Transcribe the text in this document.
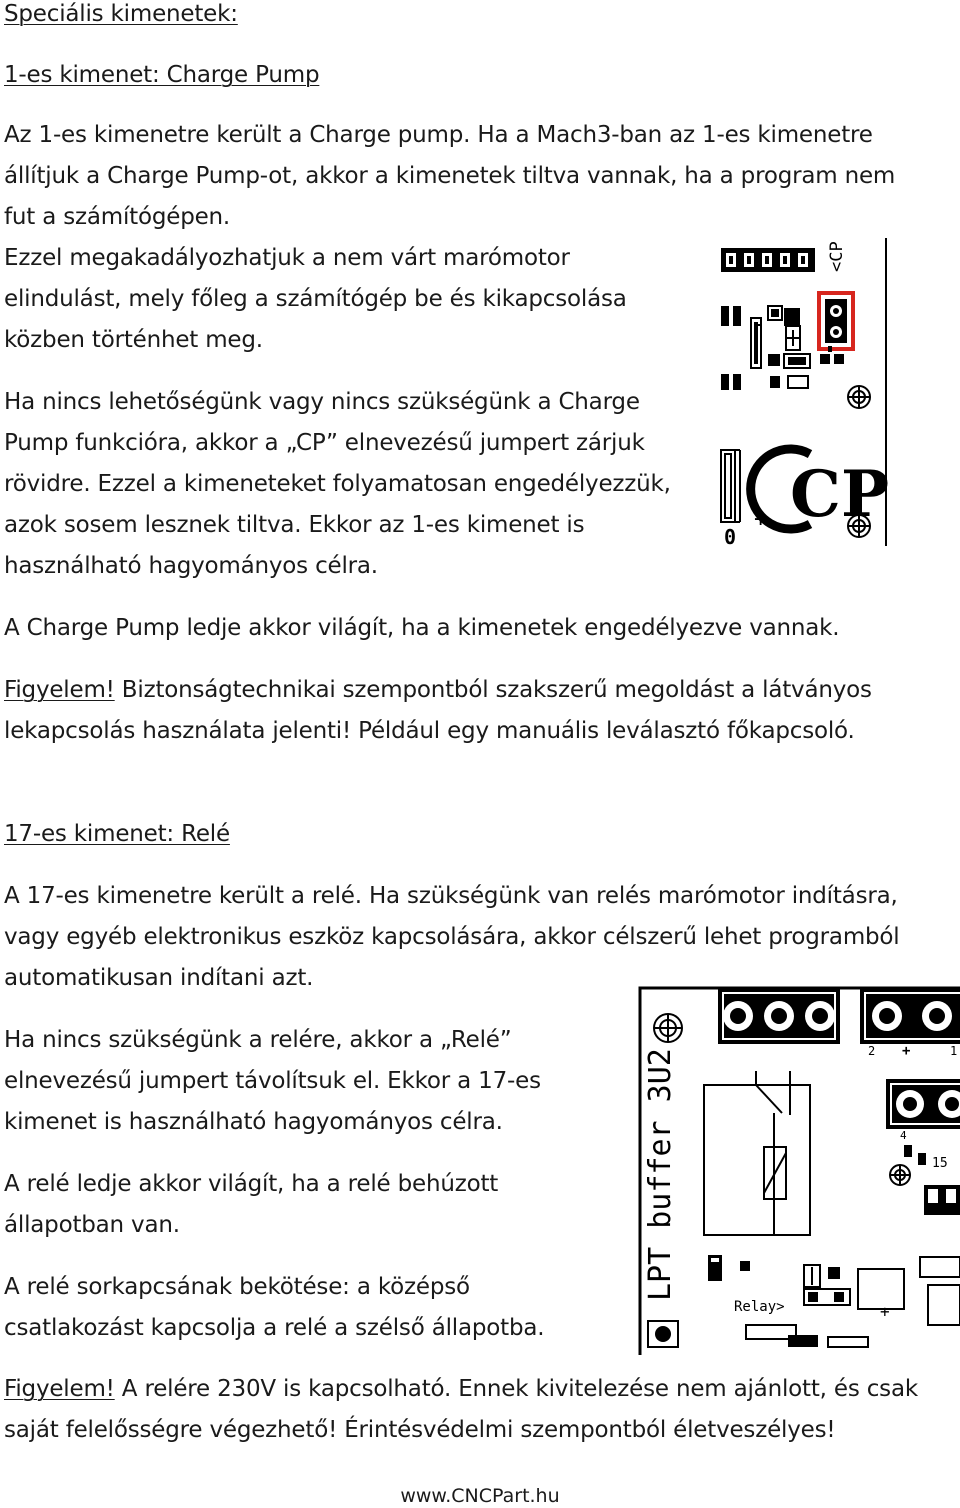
Speciális kimenetek:

1-es kimenet: Charge Pump

Az 1-es kimenetre került a Charge pump. Ha a Mach3-ban az 1-es kimenetre

állítjuk a Charge Pump-ot, akkor a kimenetek tiltva vannak, ha a program nem

fut a számítógépen.

Ezzel megakadályozhatjuk a nem várt marómotor

elindulást, mely főleg a számítógép be és kikapcsolása

közben történhet meg.

Ha nincs lehetőségünk vagy nincs szükségünk a Charge

Pump funkcióra, akkor a „CP” elnevezésű jumpert zárjuk

rövidre. Ezzel a kimeneteket folyamatosan engedélyezzük,

azok sosem lesznek tiltva. Ekkor az 1-es kimenet is

használható hagyományos célra.

A Charge Pump ledje akkor világít, ha a kimenetek engedélyezve vannak.

Figyelem! Biztonságtechnikai szempontból szakszerű megoldást a látványos

lekapcsolás használata jelenti! Például egy manuális leválasztó főkapcsoló.

17-es kimenet: Relé

A 17-es kimenetre került a relé. Ha szükségünk van relés marómotor indításra,

vagy egyéb elektronikus eszköz kapcsolására, akkor célszerű lehet programból

automatikusan indítani azt.

Ha nincs szükségünk a relére, akkor a „Relé”

elnevezésű jumpert távolítsuk el. Ekkor a 17-es

kimenet is használható hagyományos célra.

A relé ledje akkor világít, ha a relé behúzott

állapotban van.

A relé sorkapcsának bekötése: a középső

csatlakozást kapcsolja a relé a szélső állapotba.

Figyelem! A relére 230V is kapcsolható. Ennek kivitelezése nem ajánlott, és csak

saját felelősségre végezhető! Érintésvédelmi szempontból életveszélyes!

www.CNCPart.hu
<CP
CP
0
+
2 +	1
4
LPT buffer 3U2
Relay>	+
15
